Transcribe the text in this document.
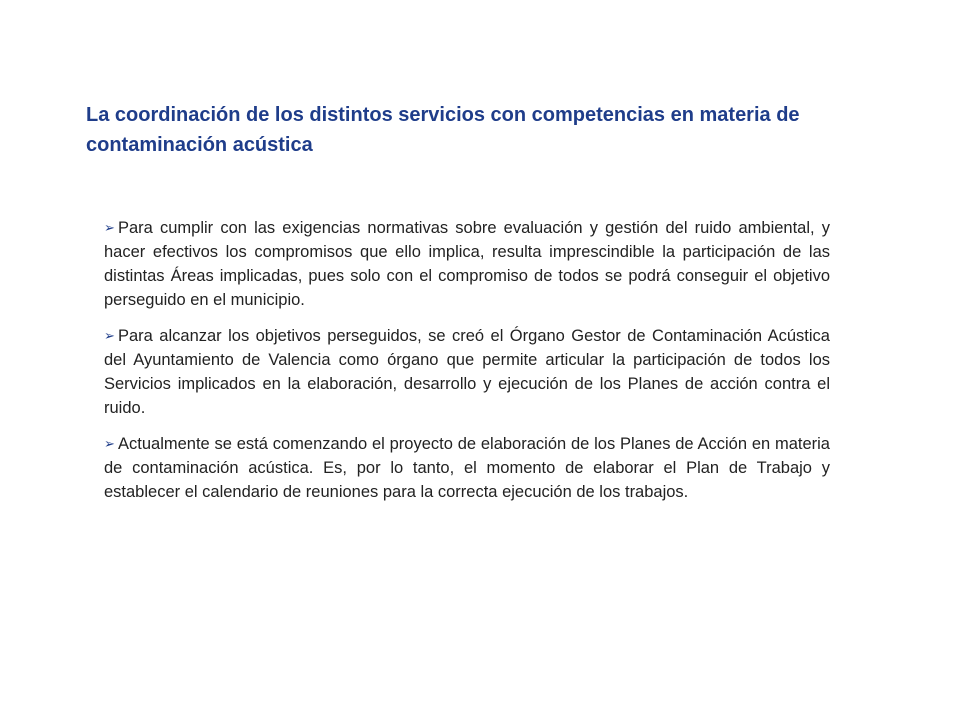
La coordinación de los distintos servicios con competencias en materia de contaminación acústica
➢ Para cumplir con las exigencias normativas sobre evaluación y gestión del ruido ambiental, y hacer efectivos los compromisos que ello implica, resulta imprescindible la participación de las distintas Áreas implicadas, pues solo con el compromiso de todos se podrá conseguir el objetivo perseguido en el municipio.
➢ Para alcanzar los objetivos perseguidos, se creó el Órgano Gestor de Contaminación Acústica del Ayuntamiento de Valencia como órgano que permite articular la participación de todos los Servicios implicados en la elaboración, desarrollo y ejecución de los Planes de acción contra el ruido.
➢ Actualmente se está comenzando el proyecto de elaboración de los Planes de Acción en materia de contaminación acústica. Es, por lo tanto, el momento de elaborar el Plan de Trabajo y establecer el calendario de reuniones para la correcta ejecución de los trabajos.
